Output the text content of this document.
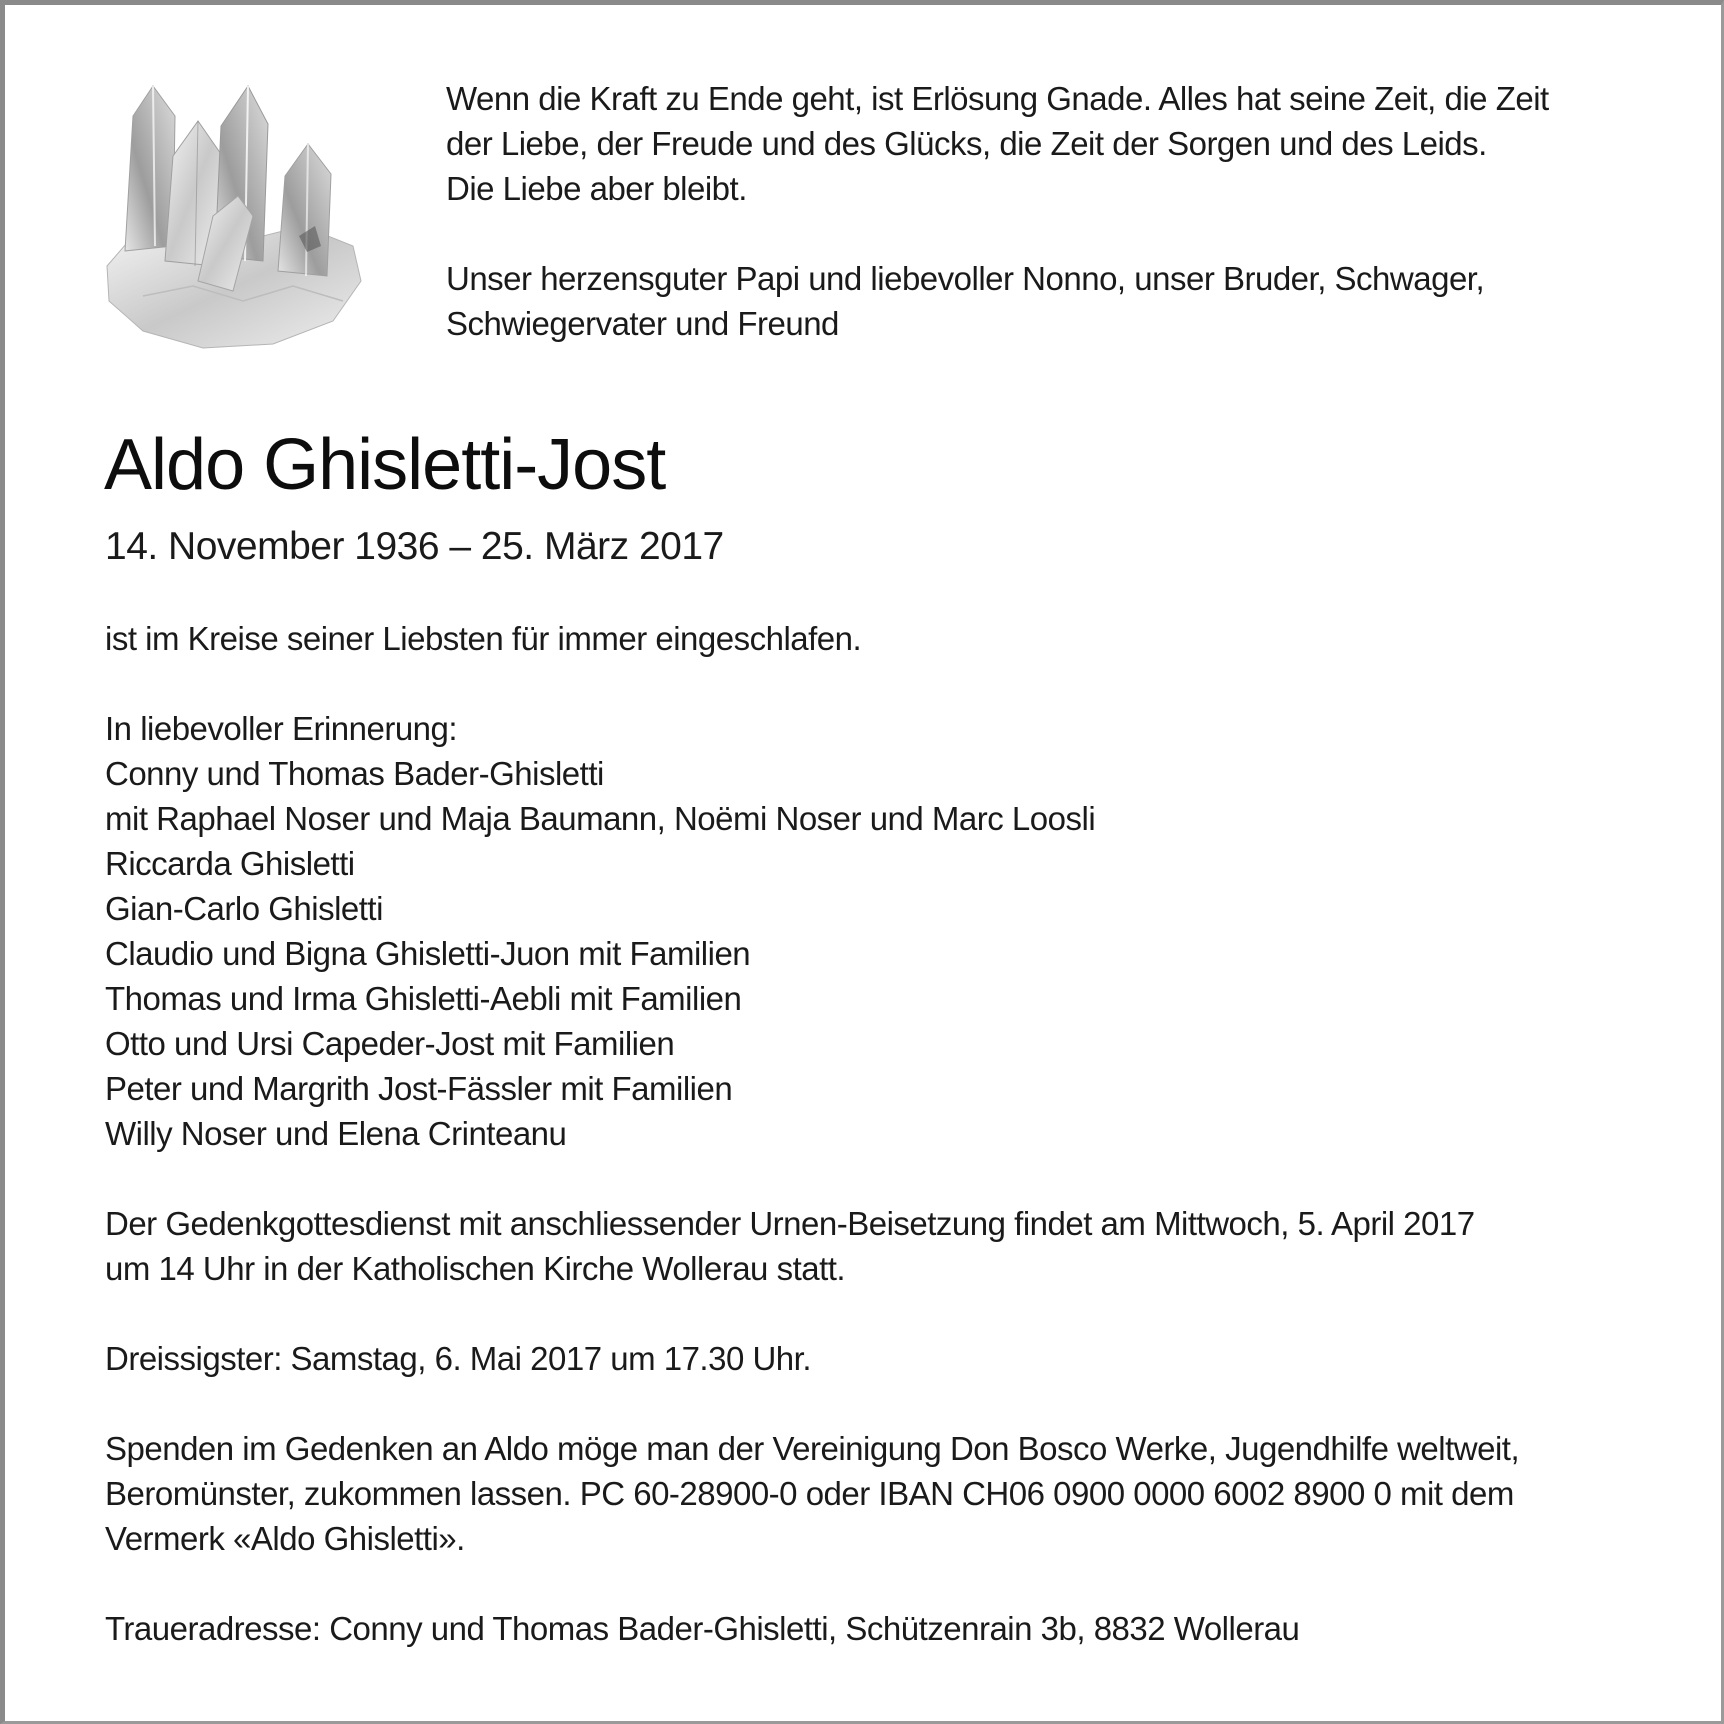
Wenn die Kraft zu Ende geht, ist Erlösung Gnade. Alles hat seine Zeit, die Zeit

der Liebe, der Freude und des Glücks, die Zeit der Sorgen und des Leids.

Die Liebe aber bleibt.

Unser herzensguter Papi und liebevoller Nonno, unser Bruder, Schwager,

Schwiegervater und Freund

Aldo Ghisletti-Jost
14. November 1936 – 25. März 2017

ist im Kreise seiner Liebsten für immer eingeschlafen.

In liebevoller Erinnerung:
Conny und Thomas Bader-Ghisletti
mit Raphael Noser und Maja Baumann, Noëmi Noser und Marc Loosli
Riccarda Ghisletti
Gian-Carlo Ghisletti
Claudio und Bigna Ghisletti-Juon mit Familien
Thomas und Irma Ghisletti-Aebli mit Familien
Otto und Ursi Capeder-Jost mit Familien
Peter und Margrith Jost-Fässler mit Familien
Willy Noser und Elena Crinteanu

Der Gedenkgottesdienst mit anschliessender Urnen-Beisetzung findet am Mittwoch, 5. April 2017

um 14 Uhr in der Katholischen Kirche Wollerau statt.

Dreissigster: Samstag, 6. Mai 2017 um 17.30 Uhr.

Spenden im Gedenken an Aldo möge man der Vereinigung Don Bosco Werke, Jugendhilfe weltweit,

Beromünster, zukommen lassen. PC 60-28900-0 oder IBAN CH06 0900 0000 6002 8900 0 mit dem

Vermerk «Aldo Ghisletti».

Traueradresse: Conny und Thomas Bader-Ghisletti, Schützenrain 3b, 8832 Wollerau
